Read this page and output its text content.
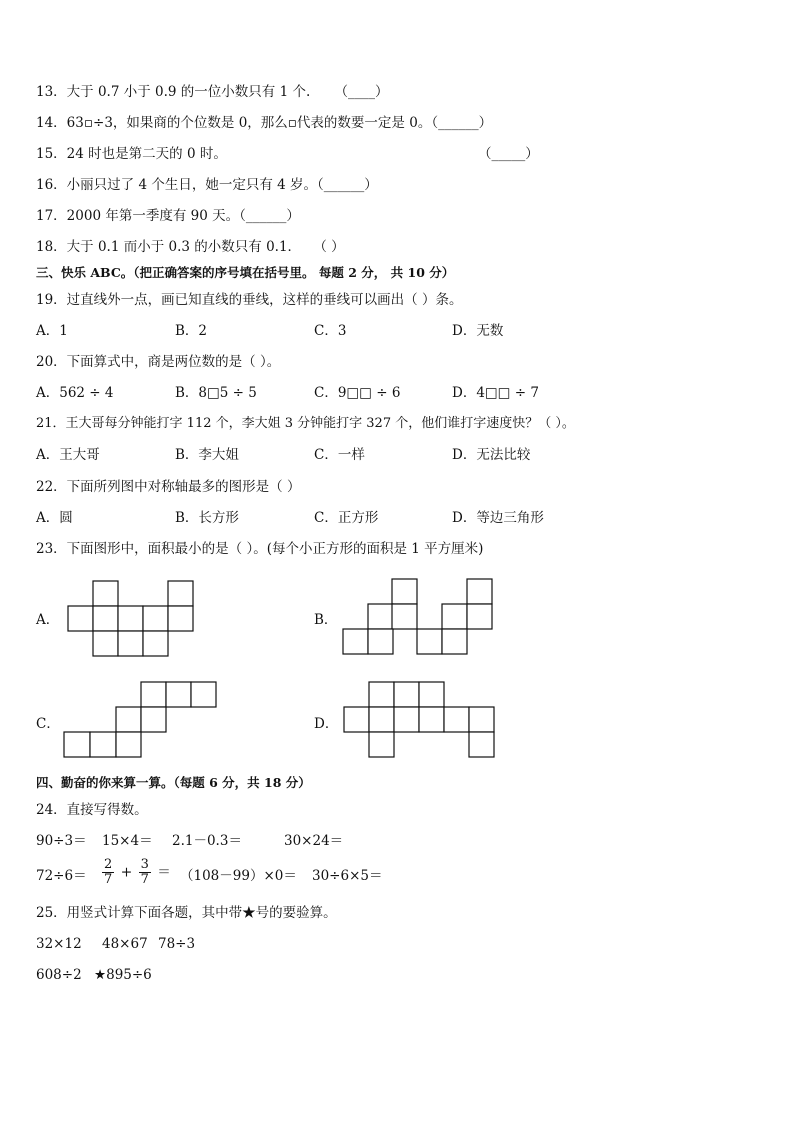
13．大于 0.7 小于 0.9 的一位小数只有 1 个. （____）
14．63▫÷3，如果商的个位数是 0，那么▫代表的数要一定是 0。（______）
15．24 时也是第二天的 0 时。	（_____）
16．小丽只过了 4 个生日，她一定只有 4 岁。（______）
17．2000 年第一季度有 90 天。（______）
18．大于 0.1 而小于 0.3 的小数只有 0.1． （ ）
三、快乐 ABC。（把正确答案的序号填在括号里。 每题 2 分， 共 10 分）
19．过直线外一点，画已知直线的垂线，这样的垂线可以画出（ ）条。
A．1	B．2	C．3	D．无数
20．下面算式中，商是两位数的是（ ）。
A．562 ÷ 4	B．8□5 ÷ 5	C．9□□ ÷ 6	D．4□□ ÷ 7
21．王大哥每分钟能打字 112 个，李大姐 3 分钟能打字 327 个，他们谁打字速度快？（ ）。
A．王大哥	B．李大姐	C．一样	D．无法比较
22．下面所列图中对称轴最多的图形是（ ）
A．圆	B．长方形	C．正方形	D．等边三角形
23．下面图形中，面积最小的是（ ）。(每个小正方形的面积是 1 平方厘米)
A．	B．
C．	D．
四、勤奋的你来算一算。（每题 6 分，共 18 分）
24．直接写得数。
90÷3＝ 15×4＝ 2.1－0.3＝	30×24＝
$72\div 6= \frac{2}{7} + \frac{3}{7} = (108-99)\times 0= 30\div 6\times 5=$
25．用竖式计算下面各题，其中带★号的要验算。
32×12 48×67 78÷3
608÷2 ★895÷6
